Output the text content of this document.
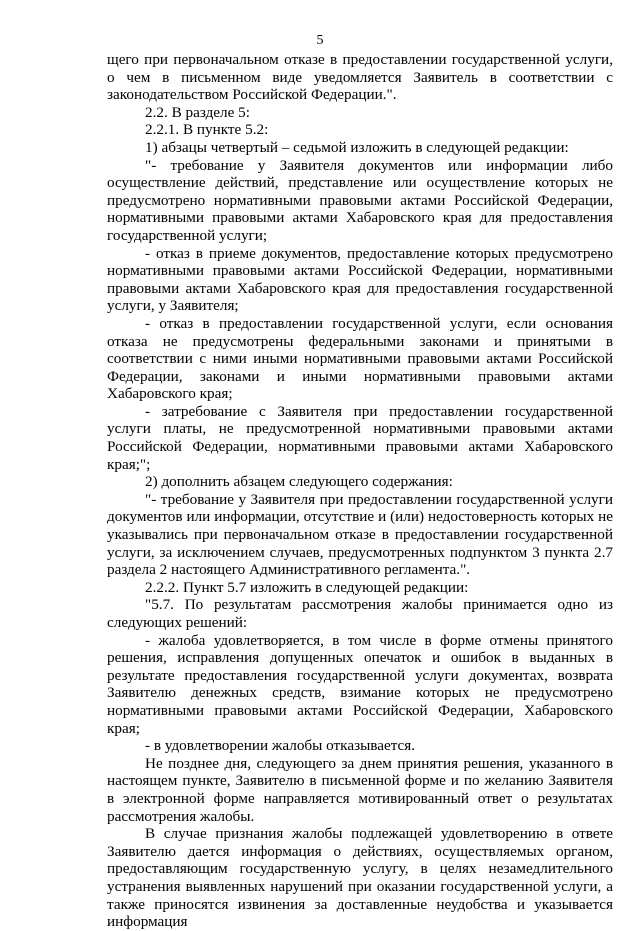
5

щего при первоначальном отказе в предоставлении государственной услуги, о чем в письменном виде уведомляется Заявитель в соответствии с законодательством Российской Федерации.".

2.2. В разделе 5:

2.2.1. В пункте 5.2:

1) абзацы четвертый – седьмой изложить в следующей редакции:

"- требование у Заявителя документов или информации либо осуществление действий, представление или осуществление которых не предусмотрено нормативными правовыми актами Российской Федерации, нормативными правовыми актами Хабаровского края для предоставления государственной услуги;

- отказ в приеме документов, предоставление которых предусмотрено нормативными правовыми актами Российской Федерации, нормативными правовыми актами Хабаровского края для предоставления государственной услуги, у Заявителя;

- отказ в предоставлении государственной услуги, если основания отказа не предусмотрены федеральными законами и принятыми в соответствии с ними иными нормативными правовыми актами Российской Федерации, законами и иными нормативными правовыми актами Хабаровского края;

- затребование с Заявителя при предоставлении государственной услуги платы, не предусмотренной нормативными правовыми актами Российской Федерации, нормативными правовыми актами Хабаровского края;";

2) дополнить абзацем следующего содержания:

"- требование у Заявителя при предоставлении государственной услуги документов или информации, отсутствие и (или) недостоверность которых не указывались при первоначальном отказе в предоставлении государственной услуги, за исключением случаев, предусмотренных подпунктом 3 пункта 2.7 раздела 2 настоящего Административного регламента.".

2.2.2. Пункт 5.7 изложить в следующей редакции:

"5.7. По результатам рассмотрения жалобы принимается одно из следующих решений:

- жалоба удовлетворяется, в том числе в форме отмены принятого решения, исправления допущенных опечаток и ошибок в выданных в результате предоставления государственной услуги документах, возврата Заявителю денежных средств, взимание которых не предусмотрено нормативными правовыми актами Российской Федерации, Хабаровского края;

- в удовлетворении жалобы отказывается.

Не позднее дня, следующего за днем принятия решения, указанного в настоящем пункте, Заявителю в письменной форме и по желанию Заявителя в электронной форме направляется мотивированный ответ о результатах рассмотрения жалобы.

В случае признания жалобы подлежащей удовлетворению в ответе Заявителю дается информация о действиях, осуществляемых органом, предоставляющим государственную услугу, в целях незамедлительного устранения выявленных нарушений при оказании государственной услуги, а также приносятся извинения за доставленные неудобства и указывается информация
